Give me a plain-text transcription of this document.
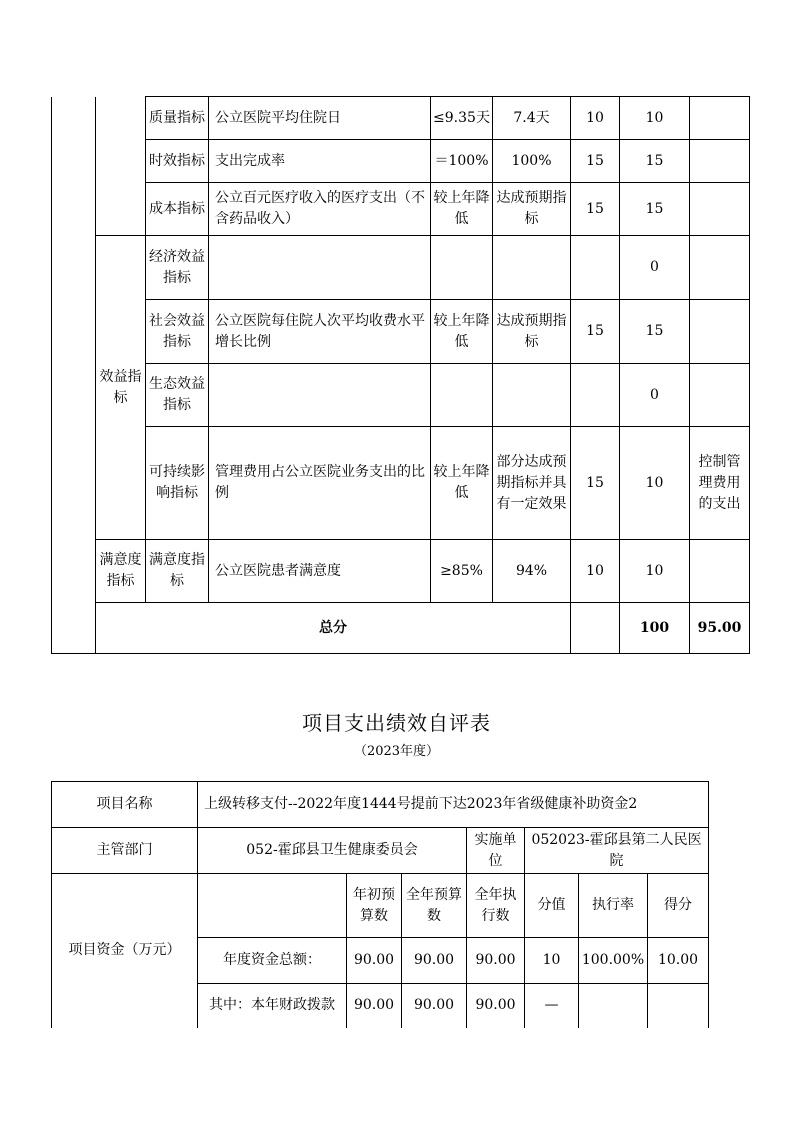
		质量指标	公立医院平均住院日	≤9.35天	7.4天	10	10		
		时效指标	支出完成率	＝100%	100%	15	15		
		成本指标	公立百元医疗收入的医疗支出（不含药品收入）	较上年降低	达成预期指标	15	15		
	效益指标	经济效益指标					0		
		社会效益指标	公立医院每住院人次平均收费水平增长比例	较上年降低	达成预期指标	15	15		
		生态效益指标					0		
		可持续影响指标	管理费用占公立医院业务支出的比例	较上年降低	部分达成预期指标并具有一定效果	15	10	控制管理费用的支出	
	满意度指标	满意度指标	公立医院患者满意度	≥85%	94%	10	10		
	总分						100	95.00	
项目支出绩效自评表
（2023年度）
项目名称	上级转移支付--2022年度1444号提前下达2023年省级健康补助资金2						
主管部门	052-霍邱县卫生健康委员会			实施单位	052023-霍邱县第二人民医院		
项目资金（万元）		年初预算数	全年预算数	全年执行数	分值	执行率	得分
	年度资金总额：	90.00	90.00	90.00	10	100.00%	10.00
	其中：本年财政拨款	90.00	90.00	90.00	—		
